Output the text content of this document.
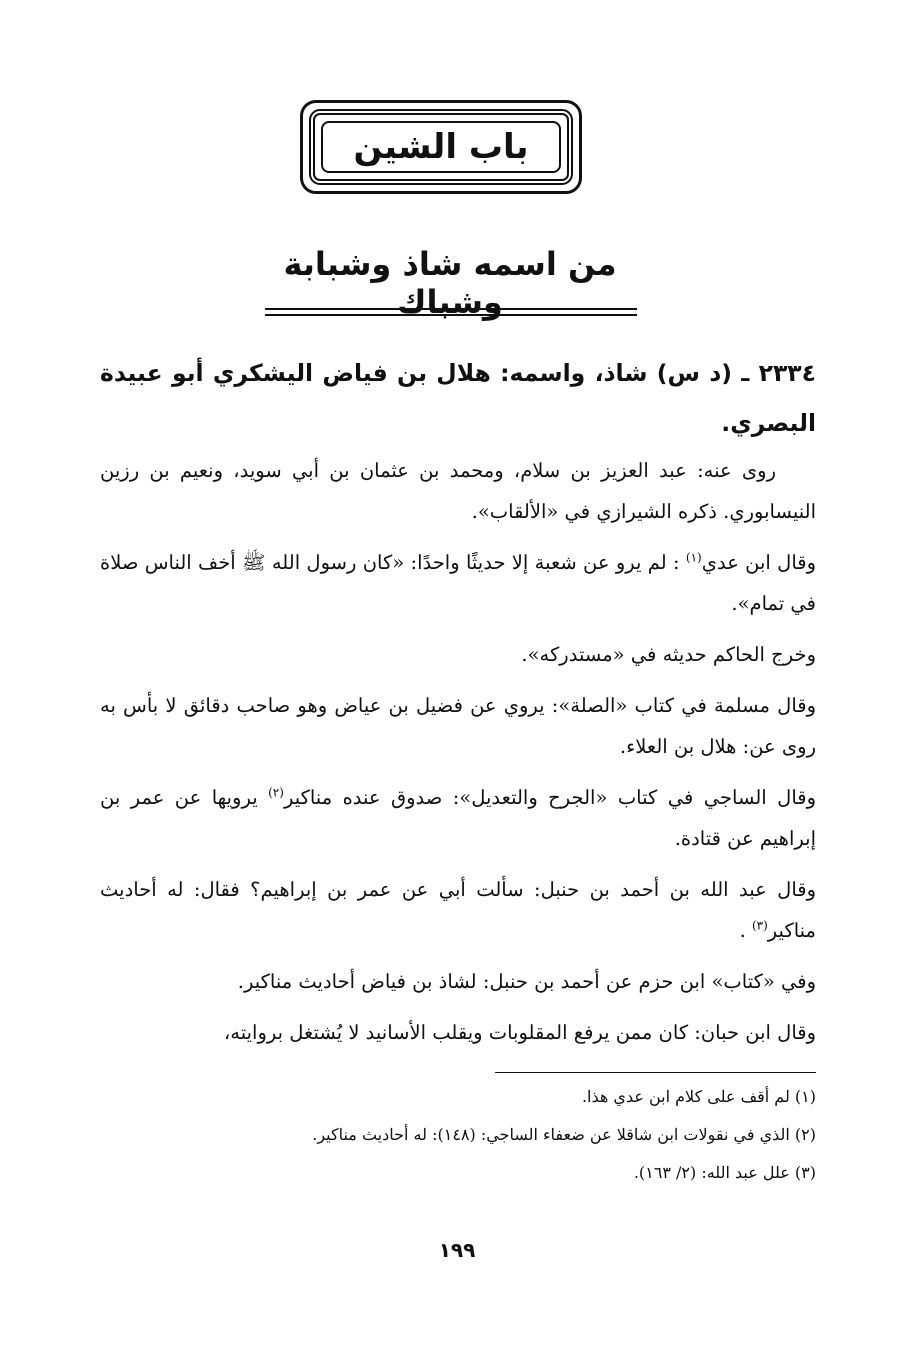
باب الشين
من اسمه شاذ وشبابة وشباك
٢٣٣٤ ـ (د س) شاذ، واسمه: هلال بن فياض اليشكري أبو عبيدة البصري.

روى عنه: عبد العزيز بن سلام، ومحمد بن عثمان بن أبي سويد، ونعيم بن رزين النيسابوري. ذكره الشيرازي في «الألقاب».

وقال ابن عدي$^{(١)}$ : لم يرو عن شعبة إلا حديثًا واحدًا: «كان رسول الله ﷺ أخف الناس صلاة في تمام».

وخرج الحاكم حديثه في «مستدركه».

وقال مسلمة في كتاب «الصلة»: يروي عن فضيل بن عياض وهو صاحب دقائق لا بأس به روى عن: هلال بن العلاء.

وقال الساجي في كتاب «الجرح والتعديل»: صدوق عنده مناكير$^{(٢)}$ يرويها عن عمر بن إبراهيم عن قتادة.

وقال عبد الله بن أحمد بن حنبل: سألت أبي عن عمر بن إبراهيم؟ فقال: له أحاديث مناكير$^{(٣)}$ .

وفي «كتاب» ابن حزم عن أحمد بن حنبل: لشاذ بن فياض أحاديث مناكير.

وقال ابن حبان: كان ممن يرفع المقلوبات ويقلب الأسانيد لا يُشتغل بروايته،

(١) لم أقف على كلام ابن عدي هذا.
(٢) الذي في نقولات ابن شاقلا عن ضعفاء الساجي: (١٤٨): له أحاديث مناكير.
(٣) علل عبد الله: (٢/ ١٦٣).
١٩٩
